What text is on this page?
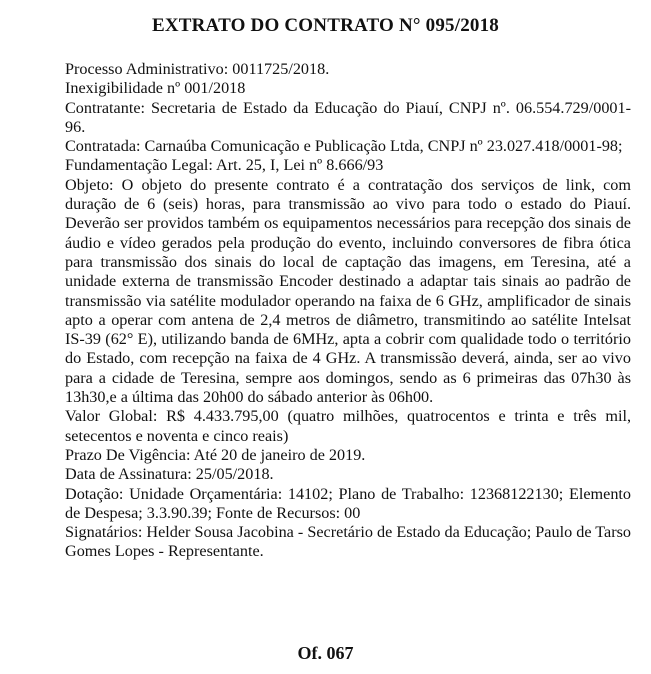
EXTRATO DO CONTRATO N° 095/2018

Processo Administrativo: 0011725/2018.

Inexigibilidade nº 001/2018

Contratante: Secretaria de Estado da Educação do Piauí, CNPJ nº. 06.554.729/0001-96.

Contratada: Carnaúba Comunicação e Publicação Ltda, CNPJ nº 23.027.418/0001-98;

Fundamentação Legal: Art. 25, I, Lei nº 8.666/93

Objeto: O objeto do presente contrato é a contratação dos serviços de link, com duração de 6 (seis) horas, para transmissão ao vivo para todo o estado do Piauí. Deverão ser providos também os equipamentos necessários para recepção dos sinais de áudio e vídeo gerados pela produção do evento, incluindo conversores de fibra ótica para transmissão dos sinais do local de captação das imagens, em Teresina, até a unidade externa de transmissão Encoder destinado a adaptar tais sinais ao padrão de transmissão via satélite modulador operando na faixa de 6 GHz, amplificador de sinais apto a operar com antena de 2,4 metros de diâmetro, transmitindo ao satélite Intelsat IS-39 (62° E), utilizando banda de 6MHz, apta a cobrir com qualidade todo o território do Estado, com recepção na faixa de 4 GHz. A transmissão deverá, ainda, ser ao vivo para a cidade de Teresina, sempre aos domingos, sendo as 6 primeiras das 07h30 às 13h30,e a última das 20h00 do sábado anterior às 06h00.

Valor Global: R$ 4.433.795,00 (quatro milhões, quatrocentos e trinta e três mil, setecentos e noventa e cinco reais)

Prazo De Vigência: Até 20 de janeiro de 2019.

Data de Assinatura: 25/05/2018.

Dotação: Unidade Orçamentária: 14102; Plano de Trabalho: 12368122130; Elemento de Despesa; 3.3.90.39; Fonte de Recursos: 00

Signatários: Helder Sousa Jacobina - Secretário de Estado da Educação; Paulo de Tarso Gomes Lopes - Representante.

Of. 067
